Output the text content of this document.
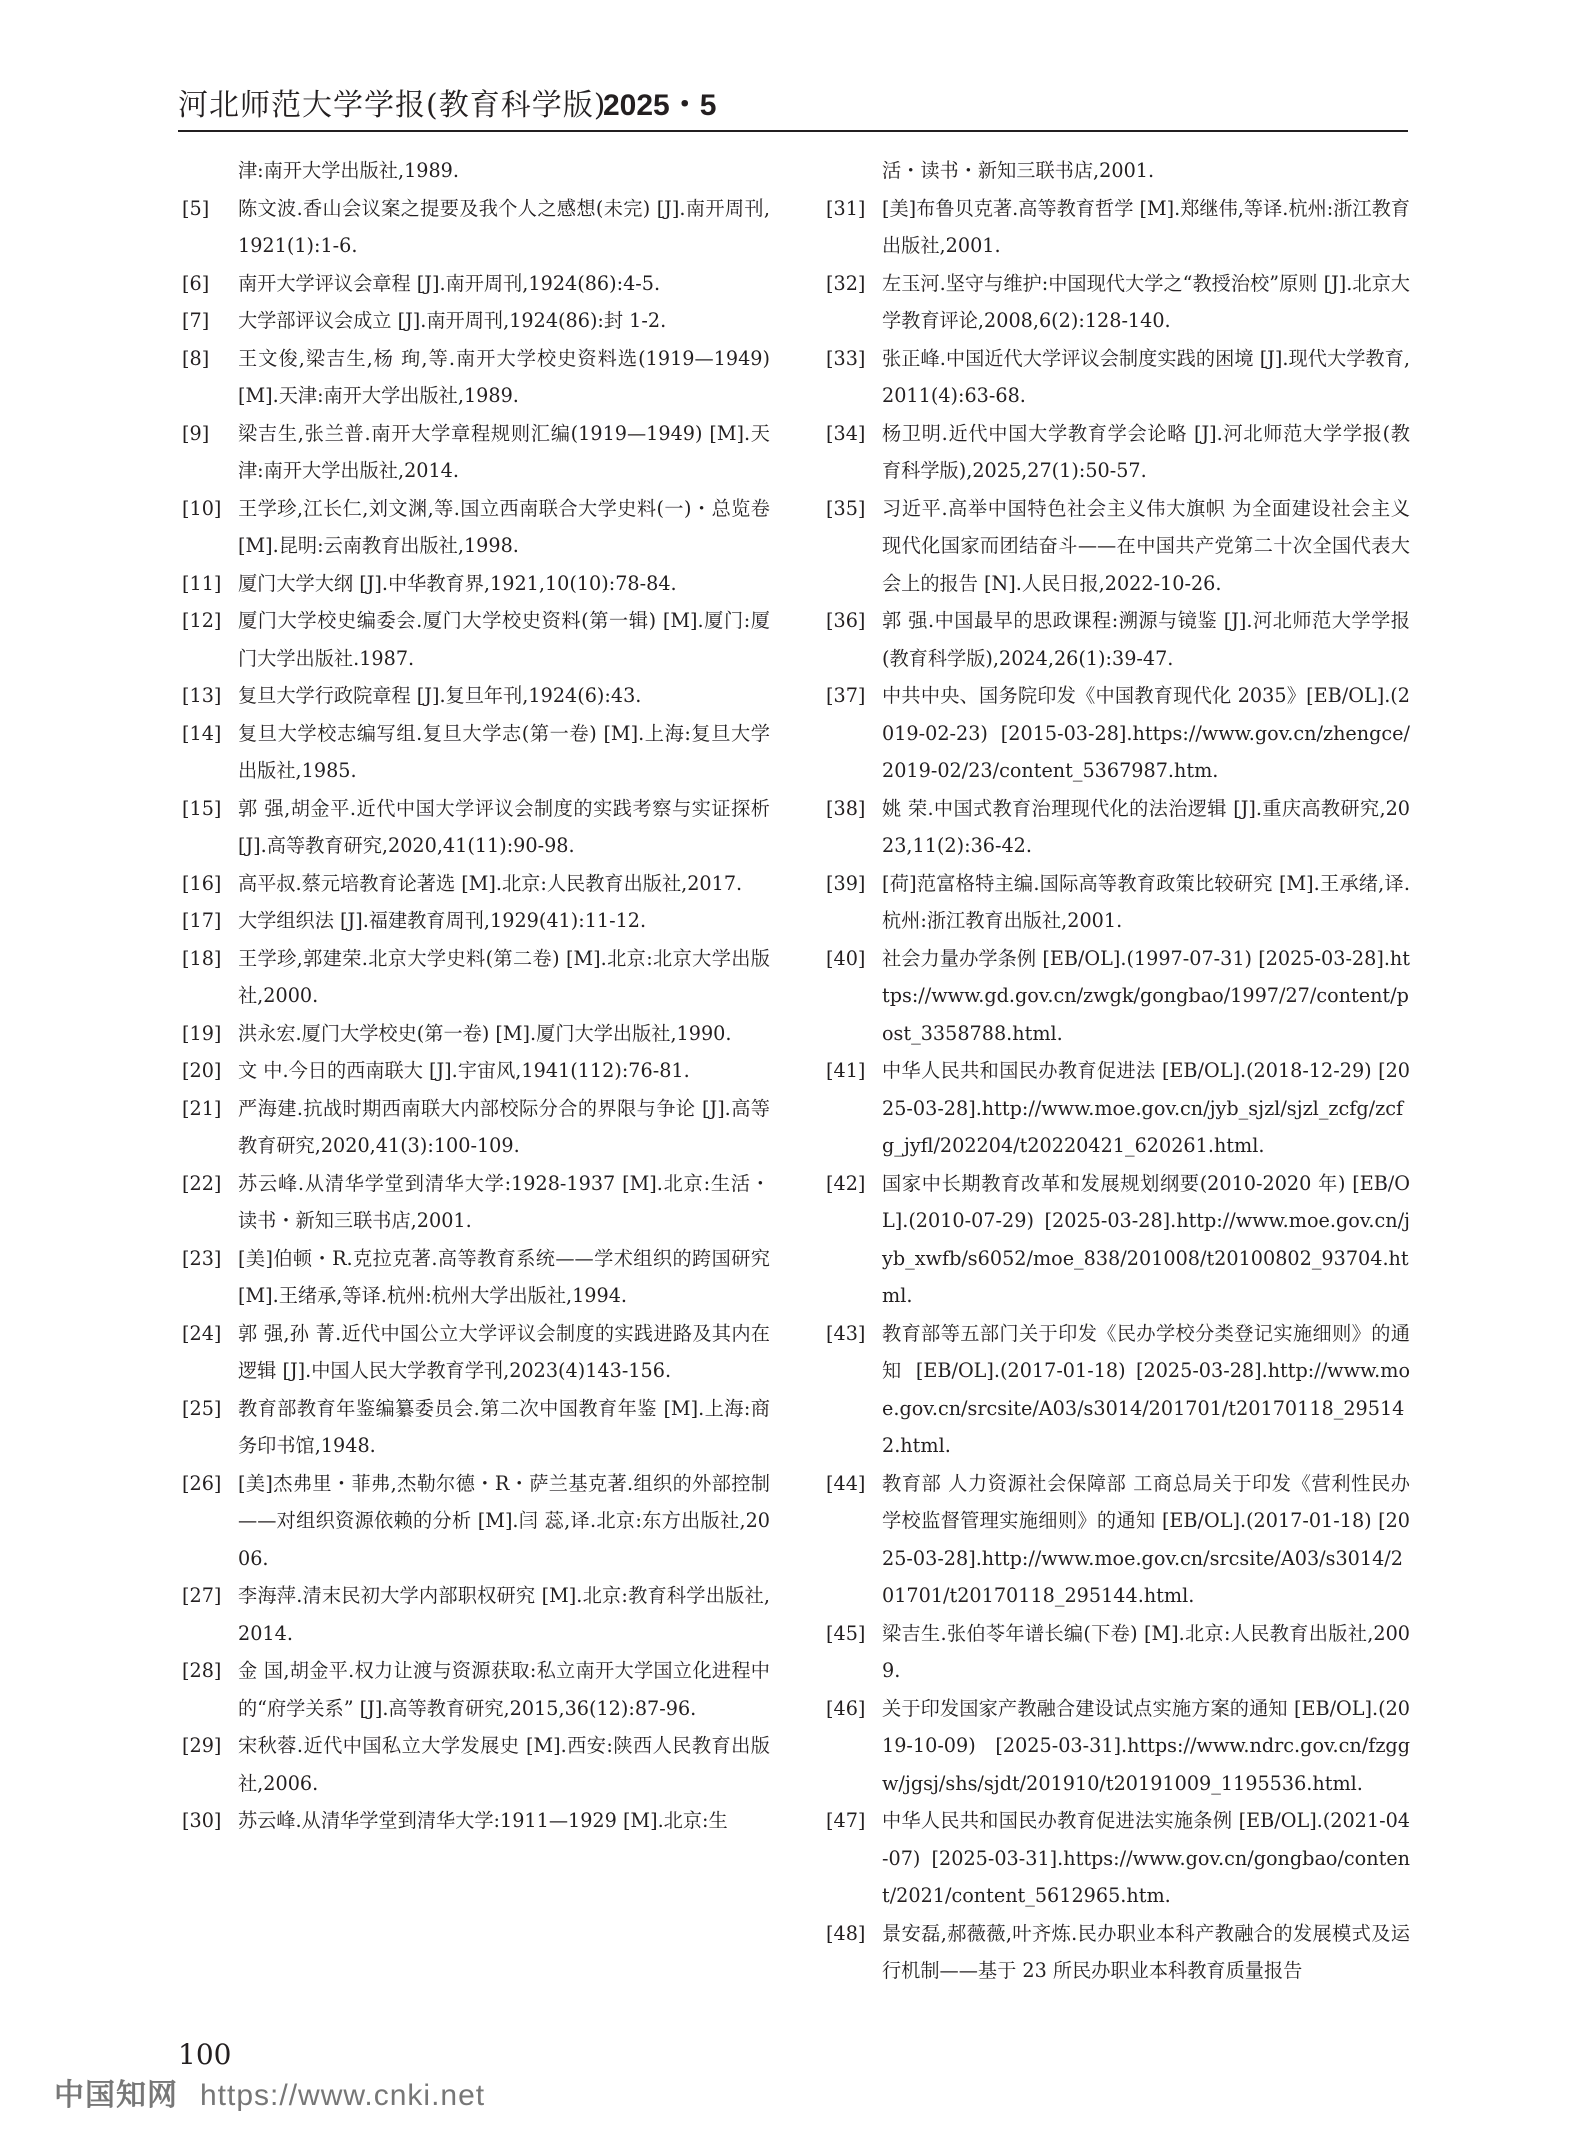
河北师范大学学报(教育科学版)
2025・5
津:南开大学出版社,1989.
[5] 陈文波.香山会议案之提要及我个人之感想(未完) [J].南开周刊,1921(1):1-6.
[6] 南开大学评议会章程 [J].南开周刊,1924(86):4-5.
[7] 大学部评议会成立 [J].南开周刊,1924(86):封 1-2.
[8] 王文俊,梁吉生,杨 珣,等.南开大学校史资料选(1919—1949) [M].天津:南开大学出版社,1989.
[9] 梁吉生,张兰普.南开大学章程规则汇编(1919—1949) [M].天津:南开大学出版社,2014.
[10] 王学珍,江长仁,刘文渊,等.国立西南联合大学史料(一)・总览卷 [M].昆明:云南教育出版社,1998.
[11] 厦门大学大纲 [J].中华教育界,1921,10(10):78-84.
[12] 厦门大学校史编委会.厦门大学校史资料(第一辑) [M].厦门:厦门大学出版社.1987.
[13] 复旦大学行政院章程 [J].复旦年刊,1924(6):43.
[14] 复旦大学校志编写组.复旦大学志(第一卷) [M].上海:复旦大学出版社,1985.
[15] 郭 强,胡金平.近代中国大学评议会制度的实践考察与实证探析 [J].高等教育研究,2020,41(11):90-98.
[16] 高平叔.蔡元培教育论著选 [M].北京:人民教育出版社,2017.
[17] 大学组织法 [J].福建教育周刊,1929(41):11-12.
[18] 王学珍,郭建荣.北京大学史料(第二卷) [M].北京:北京大学出版社,2000.
[19] 洪永宏.厦门大学校史(第一卷) [M].厦门大学出版社,1990.
[20] 文 中.今日的西南联大 [J].宇宙风,1941(112):76-81.
[21] 严海建.抗战时期西南联大内部校际分合的界限与争论 [J].高等教育研究,2020,41(3):100-109.
[22] 苏云峰.从清华学堂到清华大学:1928-1937 [M].北京:生活・读书・新知三联书店,2001.
[23] [美]伯顿・R.克拉克著.高等教育系统——学术组织的跨国研究 [M].王绪承,等译.杭州:杭州大学出版社,1994.
[24] 郭 强,孙 菁.近代中国公立大学评议会制度的实践进路及其内在逻辑 [J].中国人民大学教育学刊,2023(4)143-156.
[25] 教育部教育年鉴编纂委员会.第二次中国教育年鉴 [M].上海:商务印书馆,1948.
[26] [美]杰弗里・菲弗,杰勒尔德・R・萨兰基克著.组织的外部控制——对组织资源依赖的分析 [M].闫 蕊,译.北京:东方出版社,2006.
[27] 李海萍.清末民初大学内部职权研究 [M].北京:教育科学出版社,2014.
[28] 金 国,胡金平.权力让渡与资源获取:私立南开大学国立化进程中的“府学关系” [J].高等教育研究,2015,36(12):87-96.
[29] 宋秋蓉.近代中国私立大学发展史 [M].西安:陕西人民教育出版社,2006.
[30] 苏云峰.从清华学堂到清华大学:1911—1929 [M].北京:生
活・读书・新知三联书店,2001.
[31] [美]布鲁贝克著.高等教育哲学 [M].郑继伟,等译.杭州:浙江教育出版社,2001.
[32] 左玉河.坚守与维护:中国现代大学之“教授治校”原则 [J].北京大学教育评论,2008,6(2):128-140.
[33] 张正峰.中国近代大学评议会制度实践的困境 [J].现代大学教育,2011(4):63-68.
[34] 杨卫明.近代中国大学教育学会论略 [J].河北师范大学学报(教育科学版),2025,27(1):50-57.
[35] 习近平.高举中国特色社会主义伟大旗帜 为全面建设社会主义现代化国家而团结奋斗——在中国共产党第二十次全国代表大会上的报告 [N].人民日报,2022-10-26.
[36] 郭 强.中国最早的思政课程:溯源与镜鉴 [J].河北师范大学学报(教育科学版),2024,26(1):39-47.
[37] 中共中央、国务院印发《中国教育现代化 2035》[EB/OL].(2019-02-23) [2015-03-28].https://www.gov.cn/zhengce/2019-02/23/content_5367987.htm.
[38] 姚 荣.中国式教育治理现代化的法治逻辑 [J].重庆高教研究,2023,11(2):36-42.
[39] [荷]范富格特主编.国际高等教育政策比较研究 [M].王承绪,译.杭州:浙江教育出版社,2001.
[40] 社会力量办学条例 [EB/OL].(1997-07-31) [2025-03-28].https://www.gd.gov.cn/zwgk/gongbao/1997/27/content/post_3358788.html.
[41] 中华人民共和国民办教育促进法 [EB/OL].(2018-12-29) [2025-03-28].http://www.moe.gov.cn/jyb_sjzl/sjzl_zcfg/zcfg_jyfl/202204/t20220421_620261.html.
[42] 国家中长期教育改革和发展规划纲要(2010-2020 年) [EB/OL].(2010-07-29) [2025-03-28].http://www.moe.gov.cn/jyb_xwfb/s6052/moe_838/201008/t20100802_93704.html.
[43] 教育部等五部门关于印发《民办学校分类登记实施细则》的通知 [EB/OL].(2017-01-18) [2025-03-28].http://www.moe.gov.cn/srcsite/A03/s3014/201701/t20170118_295142.html.
[44] 教育部 人力资源社会保障部 工商总局关于印发《营利性民办学校监督管理实施细则》的通知 [EB/OL].(2017-01-18) [2025-03-28].http://www.moe.gov.cn/srcsite/A03/s3014/201701/t20170118_295144.html.
[45] 梁吉生.张伯苓年谱长编(下卷) [M].北京:人民教育出版社,2009.
[46] 关于印发国家产教融合建设试点实施方案的通知 [EB/OL].(2019-10-09) [2025-03-31].https://www.ndrc.gov.cn/fzggw/jgsj/shs/sjdt/201910/t20191009_1195536.html.
[47] 中华人民共和国民办教育促进法实施条例 [EB/OL].(2021-04-07) [2025-03-31].https://www.gov.cn/gongbao/content/2021/content_5612965.htm.
[48] 景安磊,郝薇薇,叶齐炼.民办职业本科产教融合的发展模式及运行机制——基于 23 所民办职业本科教育质量报告
100
中国知网 https://www.cnki.net
